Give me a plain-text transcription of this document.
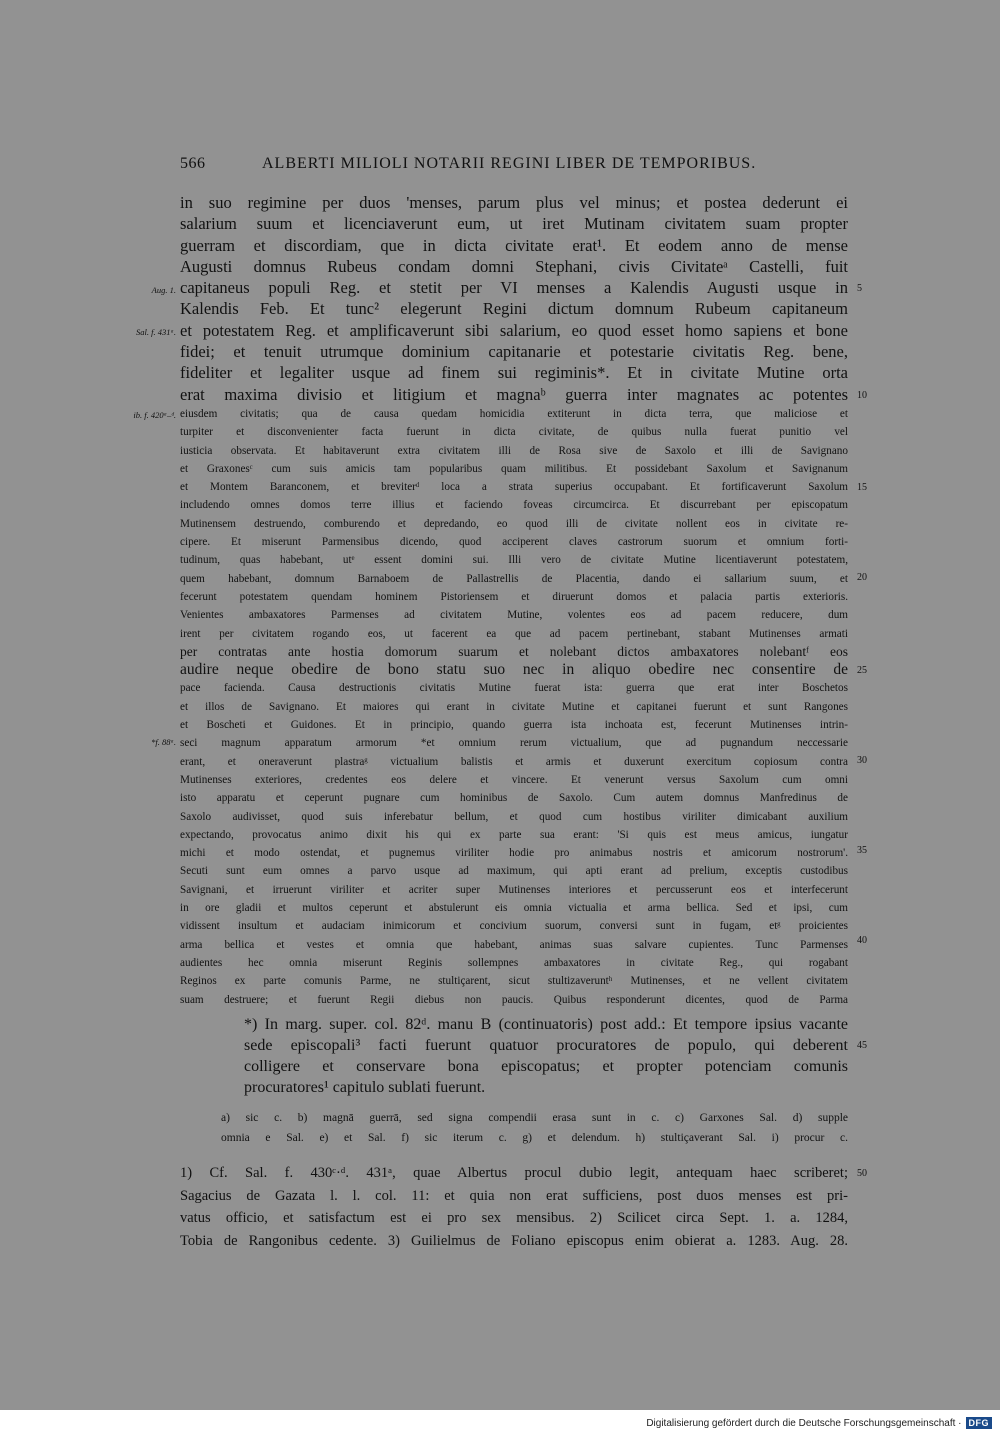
566	ALBERTI MILIOLI NOTARII REGINI LIBER DE TEMPORIBUS.
in suo regimine per duos 'menses, parum plus vel minus; et postea dederunt ei
salarium suum et licenciaverunt eum, ut iret Mutinam civitatem suam propter
guerram et discordiam, que in dicta civitate erat¹. Et eodem anno de mense
Augusti domnus Rubeus condam domni Stephani, civis Civitateᵃ Castelli, fuit
capitaneus populi Reg. et stetit per VI menses a Kalendis Augusti usque in
Kalendis Feb. Et tunc² elegerunt Regini dictum domnum Rubeum capitaneum
et potestatem Reg. et amplificaverunt sibi salarium, eo quod esset homo sapiens et bone
fidei; et tenuit utrumque dominium capitanarie et potestarie civitatis Reg. bene,
fideliter et legaliter usque ad finem sui regiminis*. Et in civitate Mutine orta
erat maxima divisio et litigium et magnaᵇ guerra inter magnates ac potentes
eiusdem civitatis; qua de causa quedam homicidia extiterunt in dicta terra, que maliciose et
turpiter et disconvenienter facta fuerunt in dicta civitate, de quibus nulla fuerat punitio vel
iusticia observata. Et habitaverunt extra civitatem illi de Rosa sive de Saxolo et illi de Savignano
et Graxonesᶜ cum suis amicis tam popularibus quam militibus. Et possidebant Saxolum et Savignanum
et Montem Baranconem, et breviterᵈ loca a strata superius occupabant. Et fortificaverunt Saxolum
includendo omnes domos terre illius et faciendo foveas circumcirca. Et discurrebant per episcopatum
Mutinensem destruendo, comburendo et depredando, eo quod illi de civitate nollent eos in civitate re-
cipere. Et miserunt Parmensibus dicendo, quod acciperent claves castrorum suorum et omnium forti-
tudinum, quas habebant, utᵉ essent domini sui. Illi vero de civitate Mutine licentiaverunt potestatem,
quem habebant, domnum Barnaboem de Pallastrellis de Placentia, dando ei sallarium suum, et
fecerunt potestatem quendam hominem Pistoriensem et diruerunt domos et palacia partis exterioris.
Venientes ambaxatores Parmenses ad civitatem Mutine, volentes eos ad pacem reducere, dum
irent per civitatem rogando eos, ut facerent ea que ad pacem pertinebant, stabant Mutinenses armati
per contratas ante hostia domorum suarum et nolebant dictos ambaxatores nolebantᶠ eos
audire neque obedire de bono statu suo nec in aliquo obedire nec consentire de
pace facienda. Causa destructionis civitatis Mutine fuerat ista: guerra que erat inter Boschetos
et illos de Savignano. Et maiores qui erant in civitate Mutine et capitanei fuerunt et sunt Rangones
et Boscheti et Guidones. Et in principio, quando guerra ista inchoata est, fecerunt Mutinenses intrin-
seci magnum apparatum armorum *et omnium rerum victualium, que ad pugnandum neccessarie
erant, et oneraverunt plastraᵍ victualium balistis et armis et duxerunt exercitum copiosum contra
Mutinenses exteriores, credentes eos delere et vincere. Et venerunt versus Saxolum cum omni
isto apparatu et ceperunt pugnare cum hominibus de Saxolo. Cum autem domnus Manfredinus de
Saxolo audivisset, quod suis inferebatur bellum, et quod cum hostibus viriliter dimicabant auxilium
expectando, provocatus animo dixit his qui ex parte sua erant: 'Si quis est meus amicus, iungatur
michi et modo ostendat, et pugnemus viriliter hodie pro animabus nostris et amicorum nostrorum'.
Secuti sunt eum omnes a parvo usque ad maximum, qui apti erant ad prelium, exceptis custodibus
Savignani, et irruerunt viriliter et acriter super Mutinenses interiores et percusserunt eos et interfecerunt
in ore gladii et multos ceperunt et abstulerunt eis omnia victualia et arma bellica. Sed et ipsi, cum
vidissent insultum et audaciam inimicorum et concivium suorum, conversi sunt in fugam, etᵍ proicientes
arma bellica et vestes et omnia que habebant, animas suas salvare cupientes. Tunc Parmenses
audientes hec omnia miserunt Reginis sollempnes ambaxatores in civitate Reg., qui rogabant
Reginos ex parte comunis Parme, ne stultiçarent, sicut stultizaveruntʰ Mutinenses, et ne vellent civitatem
suam destruere; et fuerunt Regii diebus non paucis. Quibus responderunt dicentes, quod de Parma
5
10
15
20
25
30
35
40
45
50
Aug. 1.
Sal. f. 431ᵃ.
ib. f. 420ᵃ–ᵈ.
*f. 88ᵃ.
*) In marg. super. col. 82ᵈ. manu B (continuatoris) post add.: Et tempore ipsius vacante
sede episcopali³ facti fuerunt quatuor procuratores de populo, qui deberent
colligere et conservare bona episcopatus; et propter potenciam comunis
procuratores¹ capitulo sublati fuerunt.
a) sic c. b) magnā guerrā, sed signa compendii erasa sunt in c. c) Garxones Sal. d) supple
omnia e Sal. e) et Sal. f) sic iterum c. g) et delendum. h) stultiçaverant Sal. i) procur c.
1) Cf. Sal. f. 430ᶜ·ᵈ. 431ᵃ, quae Albertus procul dubio legit, antequam haec scriberet;
Sagacius de Gazata l. l. col. 11: et quia non erat sufficiens, post duos menses est pri-
vatus officio, et satisfactum est ei pro sex mensibus. 2) Scilicet circa Sept. 1. a. 1284,
Tobia de Rangonibus cedente. 3) Guilielmus de Foliano episcopus enim obierat a. 1283. Aug. 28.
Digitalisierung gefördert durch die Deutsche Forschungsgemeinschaft · DFG
